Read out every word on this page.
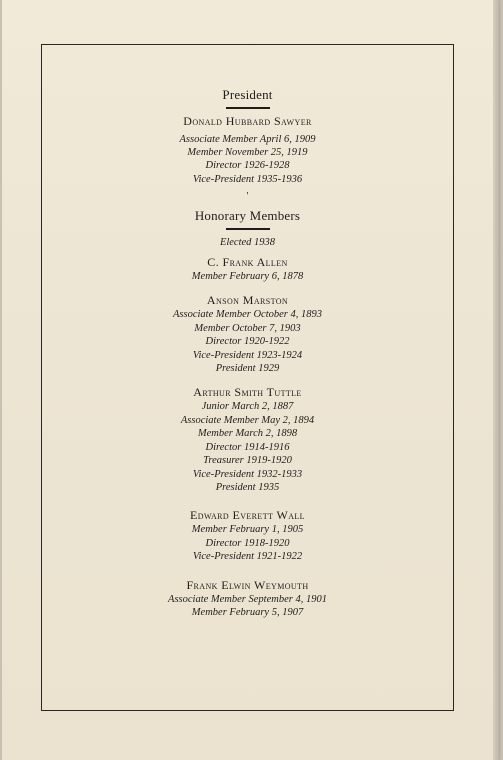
President
Donald Hubbard Sawyer
Associate Member April 6, 1909
Member November 25, 1919
Director 1926-1928
Vice-President 1935-1936
'
Honorary Members
Elected 1938
C. Frank Allen
Member February 6, 1878
Anson Marston
Associate Member October 4, 1893
Member October 7, 1903
Director 1920-1922
Vice-President 1923-1924
President 1929
Arthur Smith Tuttle
Junior March 2, 1887
Associate Member May 2, 1894
Member March 2, 1898
Director 1914-1916
Treasurer 1919-1920
Vice-President 1932-1933
President 1935
Edward Everett Wall
Member February 1, 1905
Director 1918-1920
Vice-President 1921-1922
Frank Elwin Weymouth
Associate Member September 4, 1901
Member February 5, 1907
